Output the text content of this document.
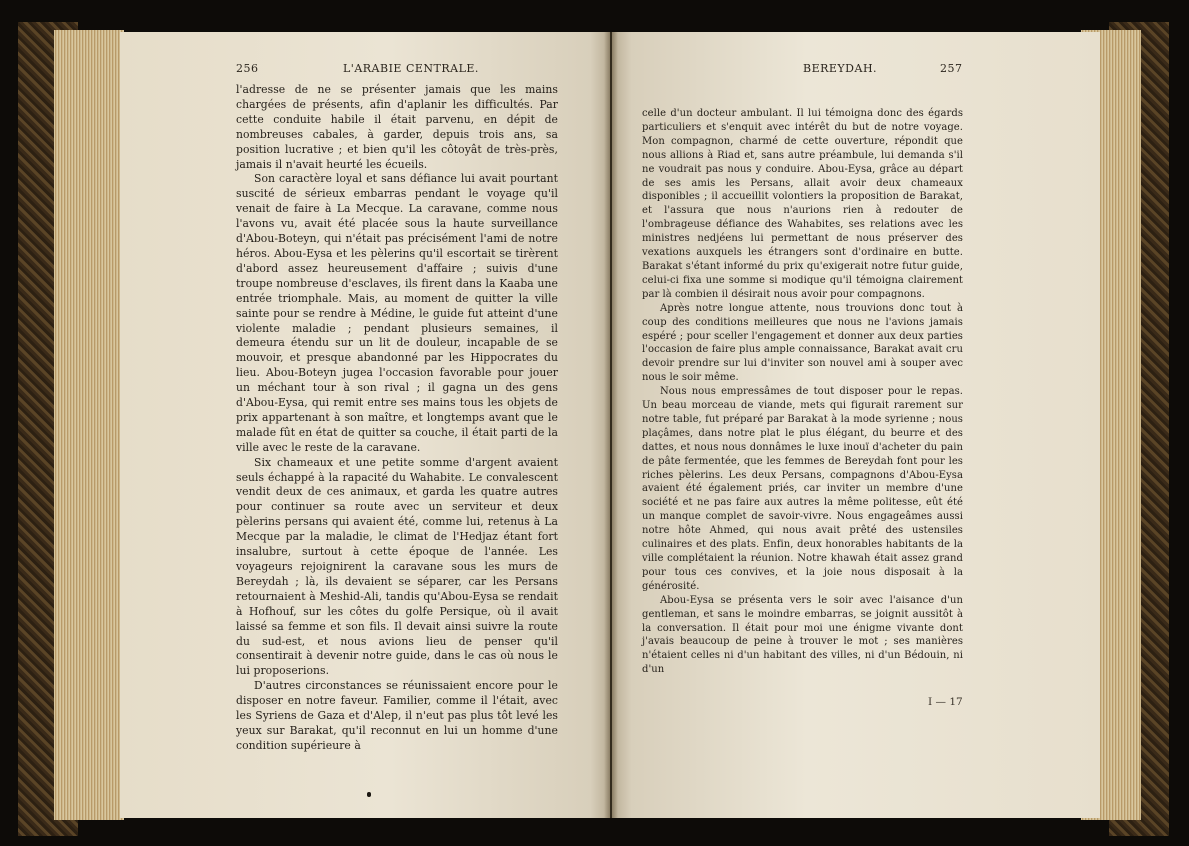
256	L'ARABIE CENTRALE.

l'adresse de ne se présenter jamais que les mains chargées de présents, afin d'aplanir les difficultés. Par cette conduite habile il était parvenu, en dépit de nombreuses cabales, à garder, depuis trois ans, sa position lucrative ; et bien qu'il les côtoyât de très-près, jamais il n'avait heurté les écueils.

Son caractère loyal et sans défiance lui avait pourtant suscité de sérieux embarras pendant le voyage qu'il venait de faire à La Mecque. La caravane, comme nous l'avons vu, avait été placée sous la haute surveillance d'Abou-Boteyn, qui n'était pas précisément l'ami de notre héros. Abou-Eysa et les pèlerins qu'il escortait se tirèrent d'abord assez heureusement d'affaire ; suivis d'une troupe nombreuse d'esclaves, ils firent dans la Kaaba une entrée triomphale. Mais, au moment de quitter la ville sainte pour se rendre à Médine, le guide fut atteint d'une violente maladie ; pendant plusieurs semaines, il demeura étendu sur un lit de douleur, incapable de se mouvoir, et presque abandonné par les Hippocrates du lieu. Abou-Boteyn jugea l'occasion favorable pour jouer un méchant tour à son rival ; il gagna un des gens d'Abou-Eysa, qui remit entre ses mains tous les objets de prix appartenant à son maître, et longtemps avant que le malade fût en état de quitter sa couche, il était parti de la ville avec le reste de la caravane.

Six chameaux et une petite somme d'argent avaient seuls échappé à la rapacité du Wahabite. Le convalescent vendit deux de ces animaux, et garda les quatre autres pour continuer sa route avec un serviteur et deux pèlerins persans qui avaient été, comme lui, retenus à La Mecque par la maladie, le climat de l'Hedjaz étant fort insalubre, surtout à cette époque de l'année. Les voyageurs rejoignirent la caravane sous les murs de Bereydah ; là, ils devaient se séparer, car les Persans retournaient à Meshid-Ali, tandis qu'Abou-Eysa se rendait à Hofhouf, sur les côtes du golfe Persique, où il avait laissé sa femme et son fils. Il devait ainsi suivre la route du sud-est, et nous avions lieu de penser qu'il consentirait à devenir notre guide, dans le cas où nous le lui proposerions.

D'autres circonstances se réunissaient encore pour le disposer en notre faveur. Familier, comme il l'était, avec les Syriens de Gaza et d'Alep, il n'eut pas plus tôt levé les yeux sur Barakat, qu'il reconnut en lui un homme d'une condition supérieure à

BEREYDAH.	257

celle d'un docteur ambulant. Il lui témoigna donc des égards particuliers et s'enquit avec intérêt du but de notre voyage. Mon compagnon, charmé de cette ouverture, répondit que nous allions à Riad et, sans autre préambule, lui demanda s'il ne voudrait pas nous y conduire. Abou-Eysa, grâce au départ de ses amis les Persans, allait avoir deux chameaux disponibles ; il accueillit volontiers la proposition de Barakat, et l'assura que nous n'aurions rien à redouter de l'ombrageuse défiance des Wahabites, ses relations avec les ministres nedjéens lui permettant de nous préserver des vexations auxquels les étrangers sont d'ordinaire en butte. Barakat s'étant informé du prix qu'exigerait notre futur guide, celui-ci fixa une somme si modique qu'il témoigna clairement par là combien il désirait nous avoir pour compagnons.

Après notre longue attente, nous trouvions donc tout à coup des conditions meilleures que nous ne l'avions jamais espéré ; pour sceller l'engagement et donner aux deux parties l'occasion de faire plus ample connaissance, Barakat avait cru devoir prendre sur lui d'inviter son nouvel ami à souper avec nous le soir même.

Nous nous empressâmes de tout disposer pour le repas. Un beau morceau de viande, mets qui figurait rarement sur notre table, fut préparé par Barakat à la mode syrienne ; nous plaçâmes, dans notre plat le plus élégant, du beurre et des dattes, et nous nous donnâmes le luxe inouï d'acheter du pain de pâte fermentée, que les femmes de Bereydah font pour les riches pèlerins. Les deux Persans, compagnons d'Abou-Eysa avaient été également priés, car inviter un membre d'une société et ne pas faire aux autres la même politesse, eût été un manque complet de savoir-vivre. Nous engageâmes aussi notre hôte Ahmed, qui nous avait prêté des ustensiles culinaires et des plats. Enfin, deux honorables habitants de la ville complétaient la réunion. Notre khawah était assez grand pour tous ces convives, et la joie nous disposait à la générosité.

Abou-Eysa se présenta vers le soir avec l'aisance d'un gentleman, et sans le moindre embarras, se joignit aussitôt à la conversation. Il était pour moi une énigme vivante dont j'avais beaucoup de peine à trouver le mot ; ses manières n'étaient celles ni d'un habitant des villes, ni d'un Bédouin, ni d'un

I — 17
